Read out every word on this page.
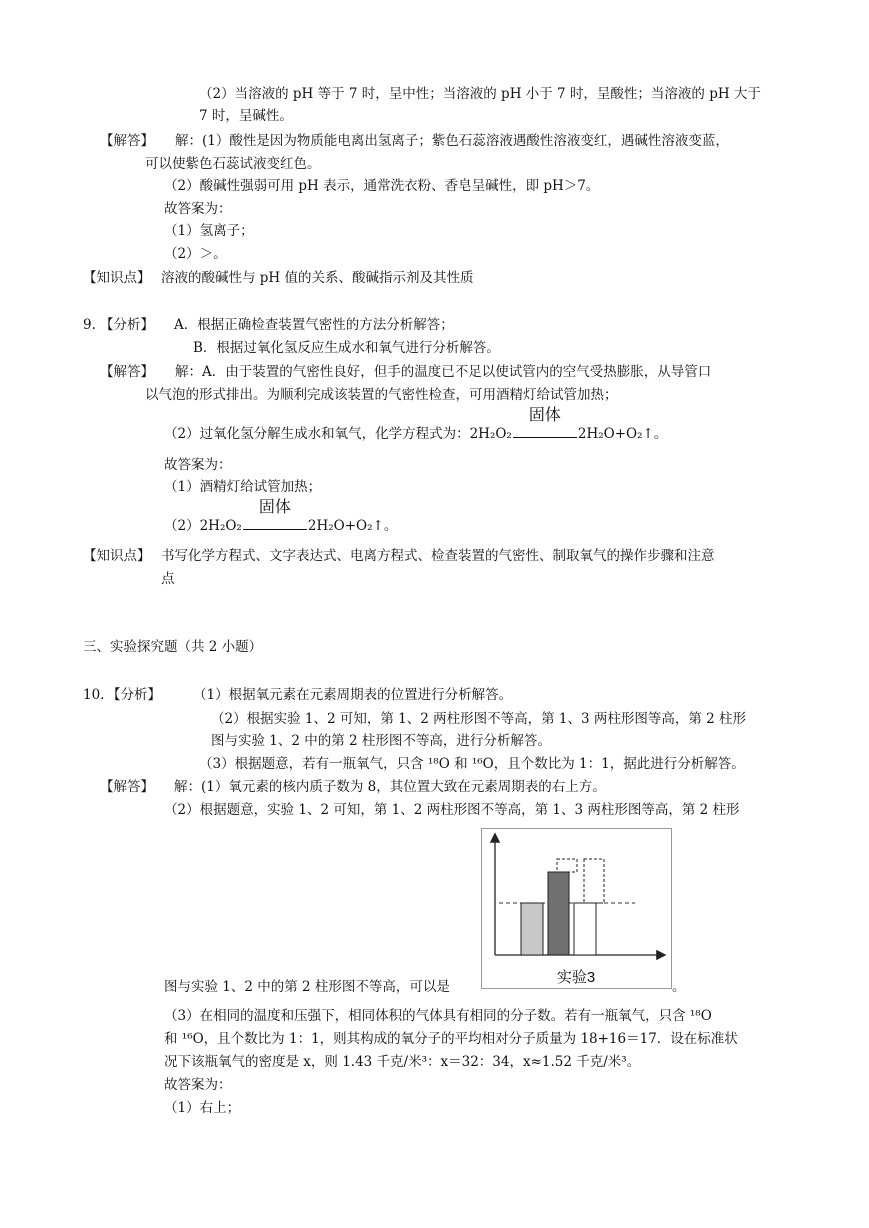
（2）当溶液的 pH 等于 7 时，呈中性；当溶液的 pH 小于 7 时，呈酸性；当溶液的 pH 大于
7 时，呈碱性。
【解答】 解：(1）酸性是因为物质能电离出氢离子；紫色石蕊溶液遇酸性溶液变红，遇碱性溶液变蓝，
可以使紫色石蕊试液变红色。
（2）酸碱性强弱可用 pH 表示，通常洗衣粉、香皂呈碱性，即 pH＞7。
故答案为：
（1）氢离子；
（2）＞。
【知识点】 溶液的酸碱性与 pH 值的关系、酸碱指示剂及其性质
9. 【分析】 A．根据正确检查装置气密性的方法分析解答；
B．根据过氧化氢反应生成水和氧气进行分析解答。
【解答】 解：A．由于装置的气密性良好，但手的温度已不足以使试管内的空气受热膨胀，从导管口
以气泡的形式排出。为顺利完成该装置的气密性检查，可用酒精灯给试管加热；
（2）过氧化氢分解生成水和氧气，化学方程式为：2H₂O₂
固体
2H₂O+O₂↑。
故答案为：
（1）酒精灯给试管加热；
（2）2H₂O₂
固体
2H₂O+O₂↑。
【知识点】 书写化学方程式、文字表达式、电离方程式、检查装置的气密性、制取氧气的操作步骤和注意
点
三、实验探究题（共 2 小题）
10. 【分析】 （1）根据氧元素在元素周期表的位置进行分析解答。
（2）根据实验 1、2 可知，第 1、2 两柱形图不等高，第 1、3 两柱形图等高，第 2 柱形
图与实验 1、2 中的第 2 柱形图不等高，进行分析解答。
（3）根据题意，若有一瓶氧气，只含 ¹⁸O 和 ¹⁶O，且个数比为 1：1，据此进行分析解答。
【解答】 解：(1）氧元素的核内质子数为 8，其位置大致在元素周期表的右上方。
（2）根据题意，实验 1、2 可知，第 1、2 两柱形图不等高，第 1、3 两柱形图等高，第 2 柱形
实验3
图与实验 1、2 中的第 2 柱形图不等高，可以是	。
（3）在相同的温度和压强下，相同体积的气体具有相同的分子数。若有一瓶氧气，只含 ¹⁸O
和 ¹⁶O，且个数比为 1：1，则其构成的氧分子的平均相对分子质量为 18+16＝17．设在标准状
况下该瓶氧气的密度是 x，则 1.43 千克/米³：x＝32：34，x≈1.52 千克/米³。
故答案为：
（1）右上；
